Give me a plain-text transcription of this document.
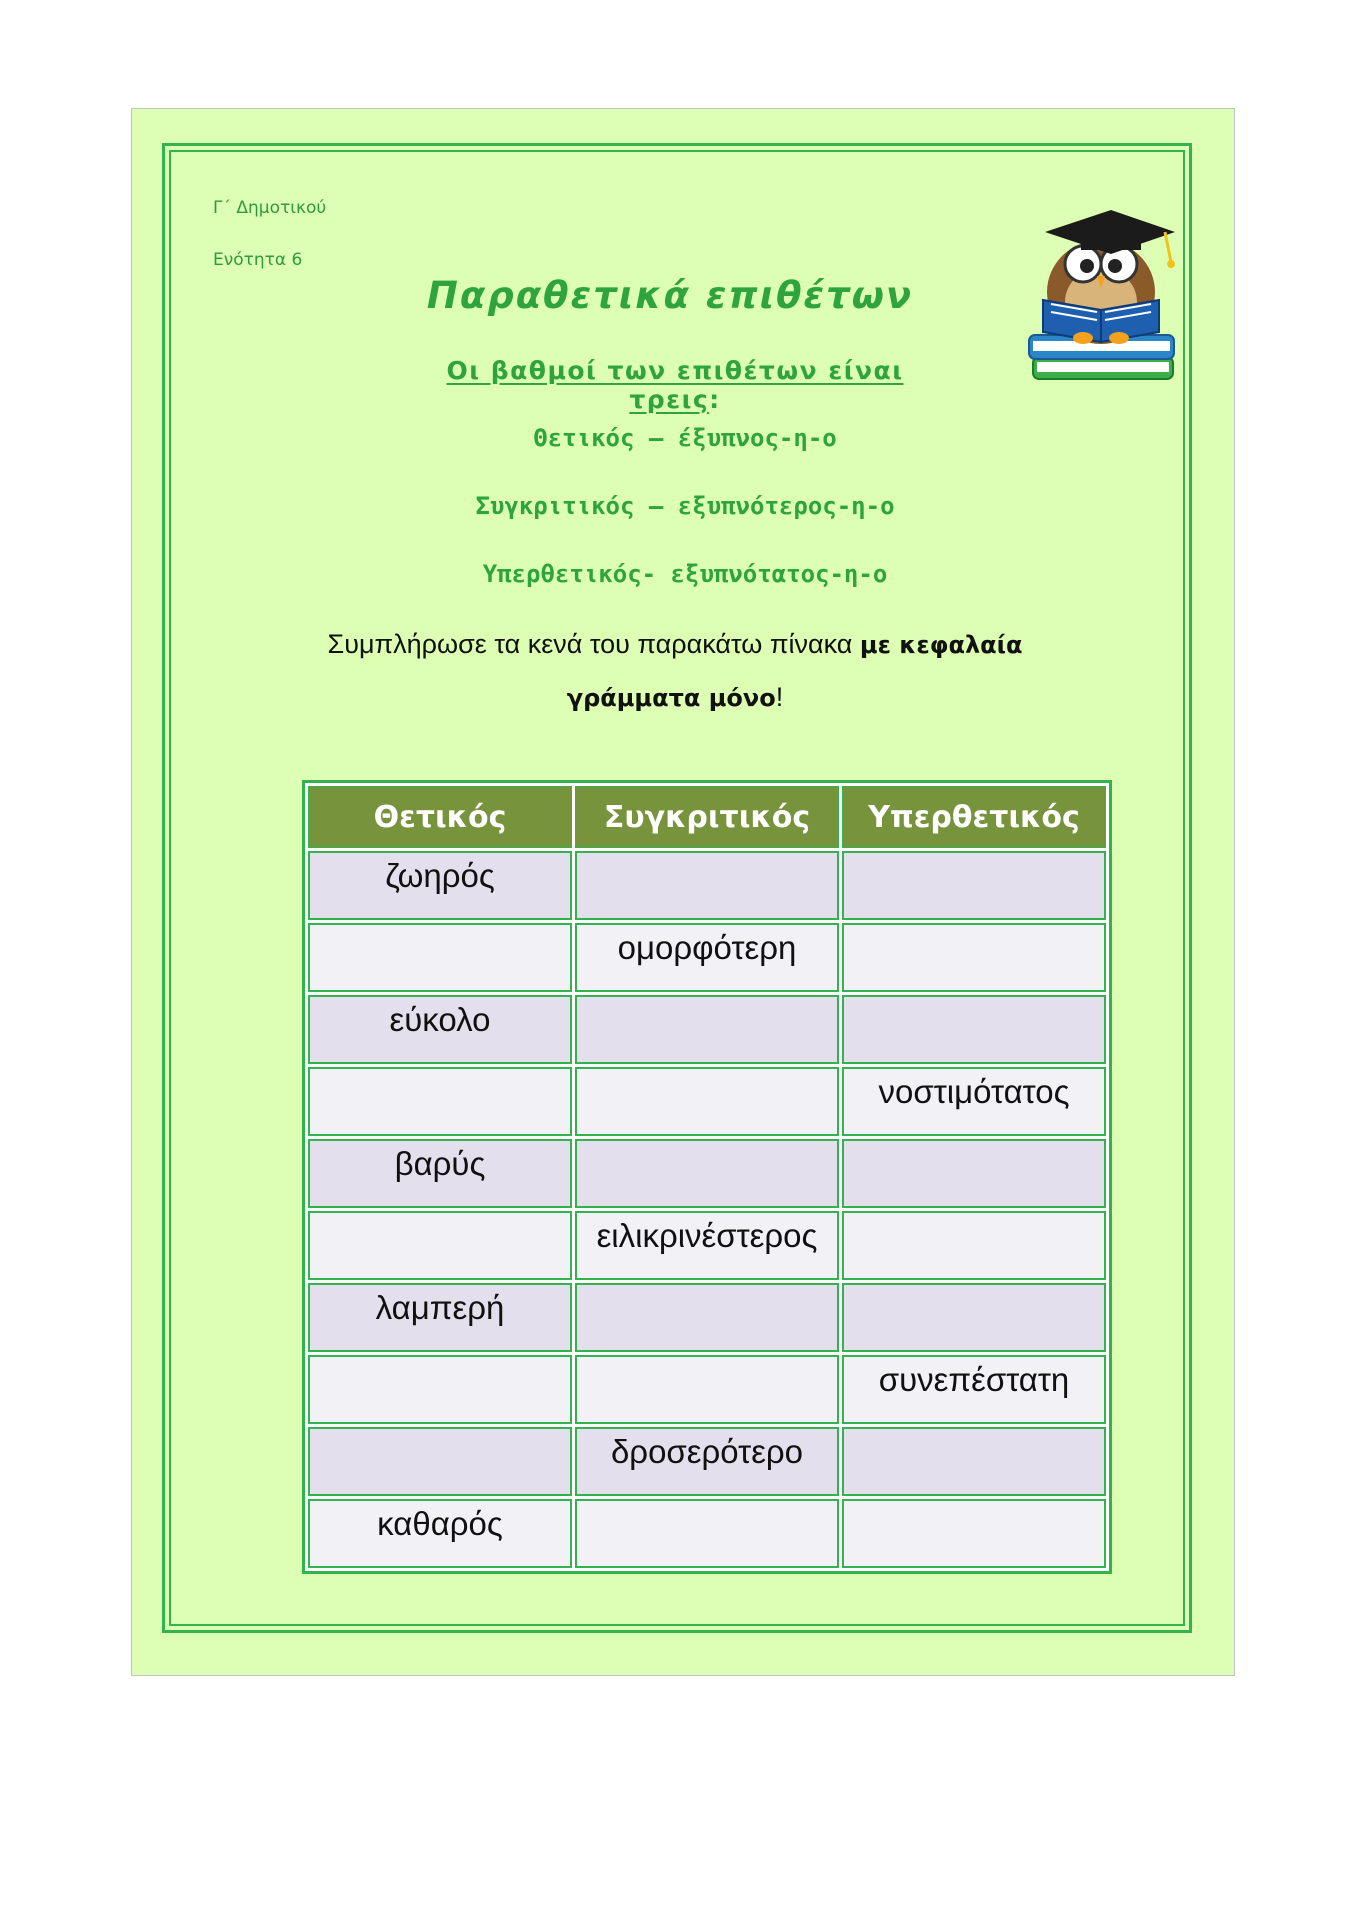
Γ΄ Δημοτικού
Ενότητα 6
Παραθετικά επιθέτων
Οι βαθμοί των επιθέτων είναι τρεις:
Θετικός – έξυπνος-η-ο
Συγκριτικός – εξυπνότερος-η-ο
Υπερθετικός- εξυπνότατος-η-ο
Συμπλήρωσε τα κενά του παρακάτω πίνακα με κεφαλαία γράμματα μόνο!
Θετικός	Συγκριτικός	Υπερθετικός
ζωηρός		
	ομορφότερη	
εύκολο		
		νοστιμότατος
βαρύς		
	ειλικρινέστερος	
λαμπερή		
		συνεπέστατη
	δροσερότερο	
καθαρός		
